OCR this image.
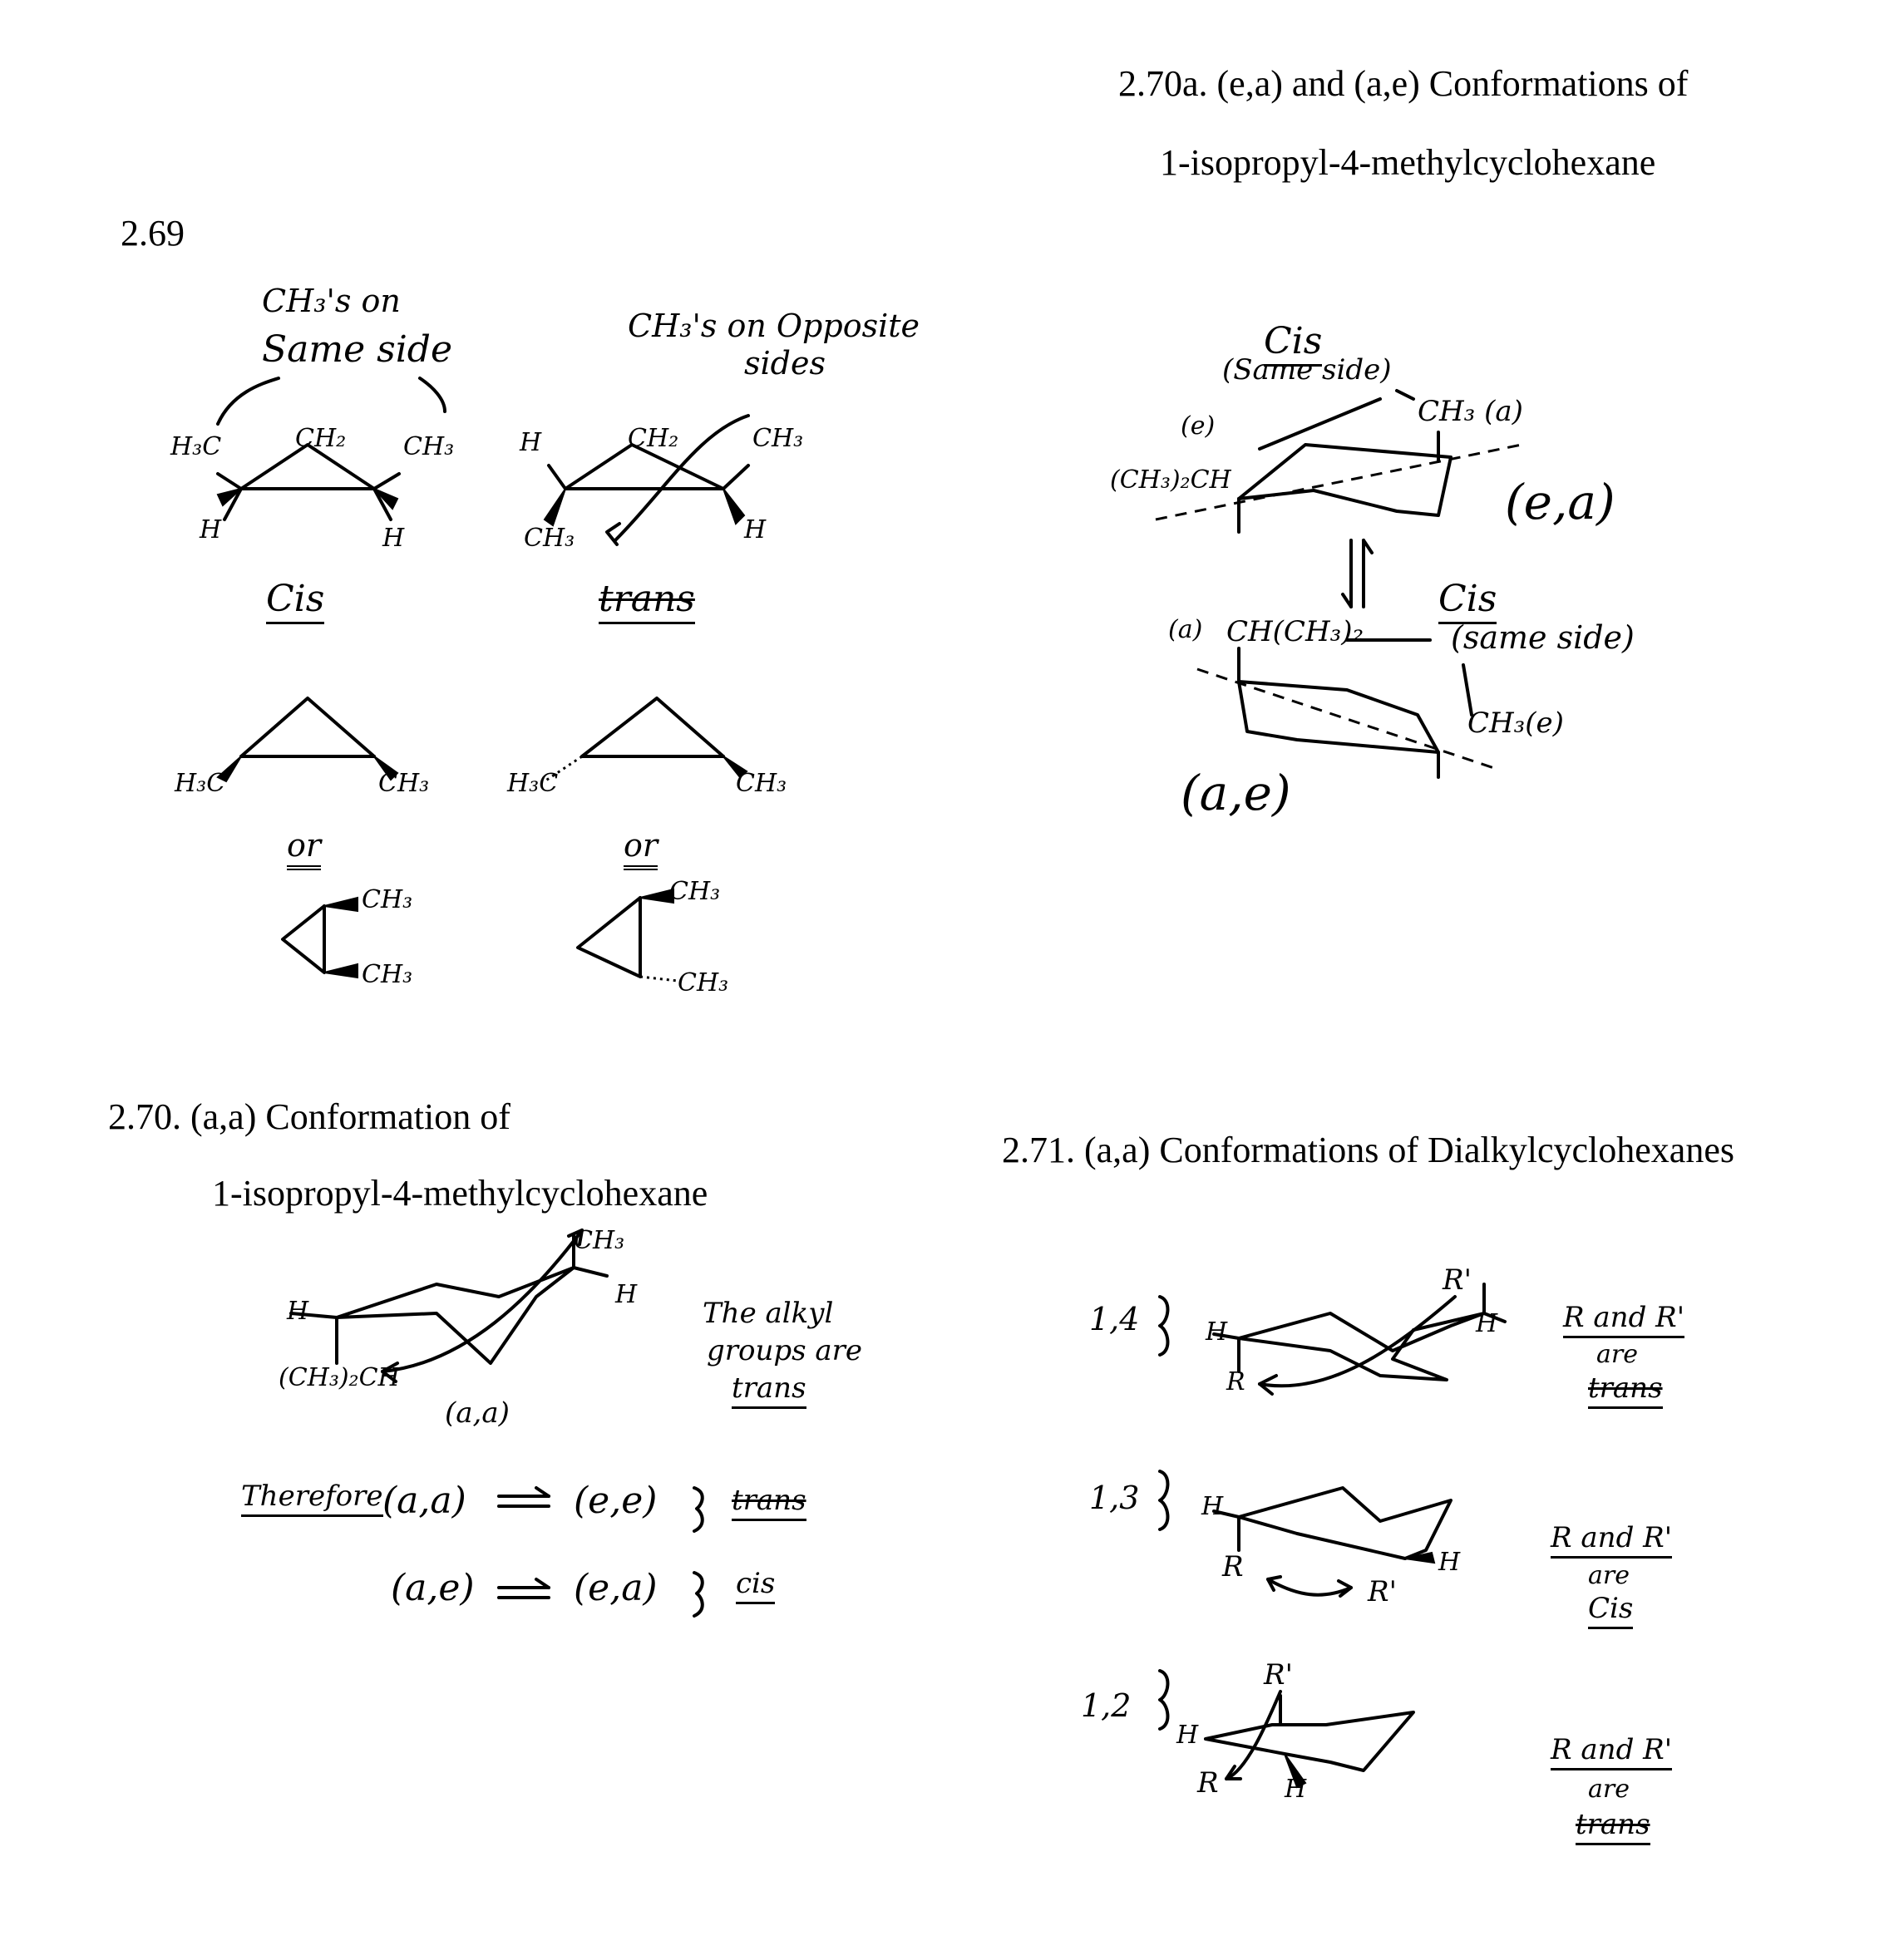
2.69
2.70a. (e,a) and (a,e) Conformations of
1-isopropyl-4-methylcyclohexane
2.70. (a,a) Conformation of
1-isopropyl-4-methylcyclohexane
2.71. (a,a) Conformations of Dialkylcyclohexanes
CH₃'s on
Same side
CH₃'s on Opposite
sides
H₃C	CH₂ CH₃
H	H
H	CH₂	CH₃
CH₃	H
Cis	trans
H₃C	CH₃	H₃C	CH₃
or	or
CH₃
CH₃
CH₃
CH₃
Cis
(Same side)
(e)
(CH₃)₂CH
CH₃ (a)
(e,a)
(a) CH(CH₃)₂
Cis
(same side)
CH₃(e)
(a,e)
H
CH₃
H
(CH₃)₂CH
(a,a)
The alkyl
groups are
trans
Therefore (a,a)	(e,e)	trans
(a,e)	(e,a)	cis
1,4
1,3
1,2
R'
H
H
R
H
R
R'
H
H
R'
R	H
R and R'
are
trans
R and R'
are
Cis
R and R'
are
trans
